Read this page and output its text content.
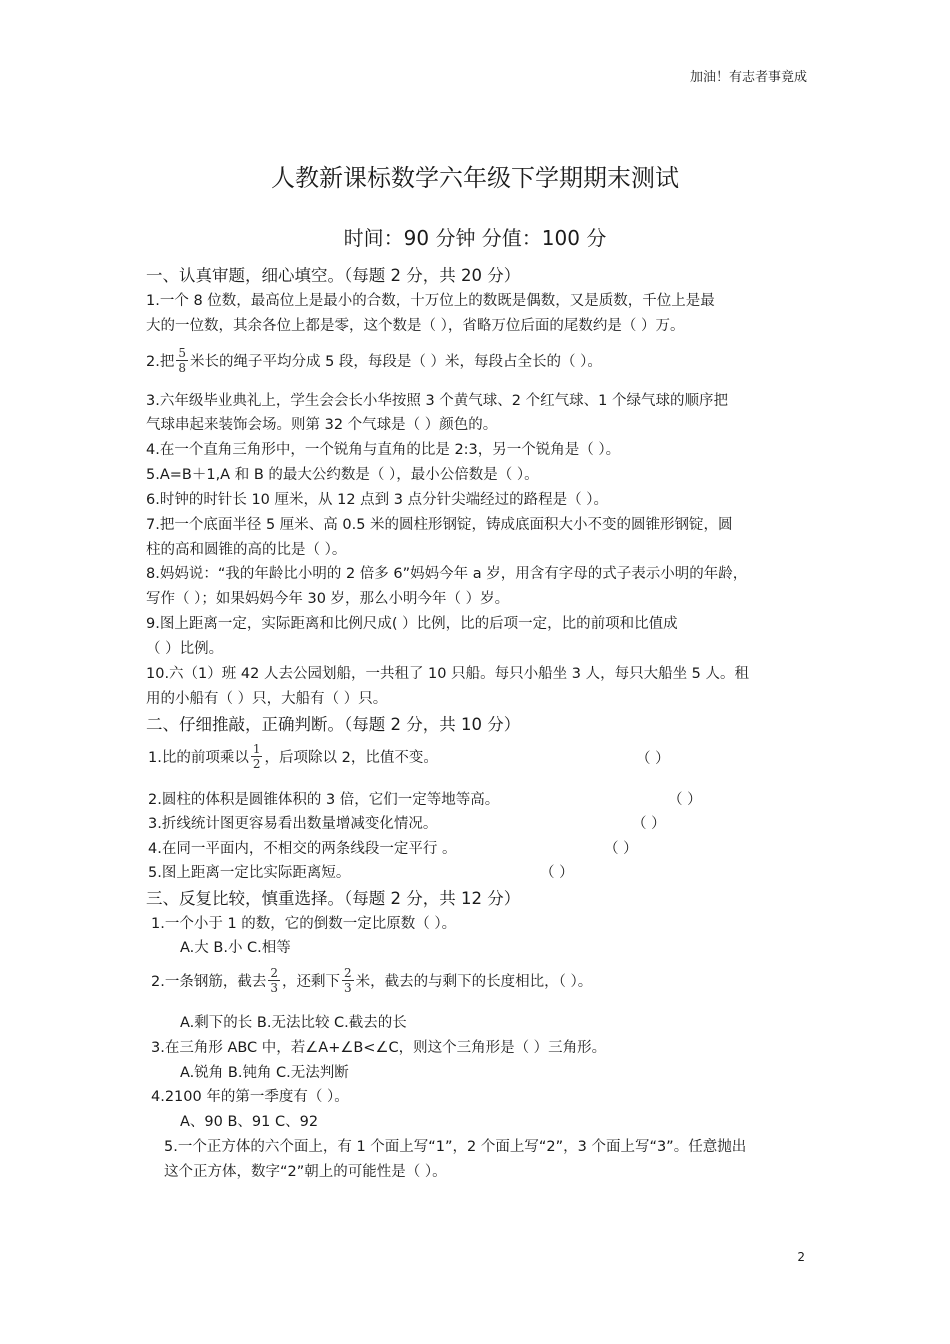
加油！有志者事竟成
人教新课标数学六年级下学期期末测试
时间：90 分钟 分值：100 分
一、认真审题，细心填空。（每题 2 分，共 20 分）
1.一个 8 位数，最高位上是最小的合数，十万位上的数既是偶数，又是质数，千位上是最
大的一位数，其余各位上都是零，这个数是（ ），省略万位后面的尾数约是（ ）万。
2.把 $\frac{5}{8}$ 米长的绳子平均分成 5 段，每段是（ ）米，每段占全长的（ ）。
3.六年级毕业典礼上，学生会会长小华按照 3 个黄气球、2 个红气球、1 个绿气球的顺序把
气球串起来装饰会场。则第 32 个气球是（ ）颜色的。
4.在一个直角三角形中，一个锐角与直角的比是 2:3，另一个锐角是（ ）。
5.A=B＋1,A 和 B 的最大公约数是（ ），最小公倍数是（ ）。
6.时钟的时针长 10 厘米，从 12 点到 3 点分针尖端经过的路程是（ ）。
7.把一个底面半径 5 厘米、高 0.5 米的圆柱形钢锭，铸成底面积大小不变的圆锥形钢锭，圆
柱的高和圆锥的高的比是（ ）。
8.妈妈说：“我的年龄比小明的 2 倍多 6”妈妈今年 a 岁，用含有字母的式子表示小明的年龄，
写作（ ）；如果妈妈今年 30 岁，那么小明今年（ ）岁。
9.图上距离一定，实际距离和比例尺成( ）比例，比的后项一定，比的前项和比值成
（ ）比例。
10.六（1）班 42 人去公园划船，一共租了 10 只船。每只小船坐 3 人，每只大船坐 5 人。租
用的小船有（ ）只，大船有（ ）只。
二、仔细推敲，正确判断。（每题 2 分，共 10 分）
1.比的前项乘以 $\frac{1}{2}$ ，后项除以 2，比值不变。	（ ）
2.圆柱的体积是圆锥体积的 3 倍，它们一定等地等高。	（ ）
3.折线统计图更容易看出数量增减变化情况。	（ ）
4.在同一平面内，不相交的两条线段一定平行 。	（ ）
5.图上距离一定比实际距离短。	（ ）
三、反复比较，慎重选择。（每题 2 分，共 12 分）
1.一个小于 1 的数，它的倒数一定比原数（ ）。
A.大 B.小 C.相等
2.一条钢筋，截去 $\frac{2}{3}$ ，还剩下 $\frac{2}{3}$ 米，截去的与剩下的长度相比，（ ）。
A.剩下的长 B.无法比较 C.截去的长
3.在三角形 ABC 中，若∠A+∠B<∠C，则这个三角形是（ ）三角形。
A.锐角 B.钝角 C.无法判断
4.2100 年的第一季度有（ ）。
A、90 B、91 C、92
5.一个正方体的六个面上，有 1 个面上写“1”，2 个面上写“2”，3 个面上写“3”。任意抛出
这个正方体，数字“2”朝上的可能性是（ ）。
2
